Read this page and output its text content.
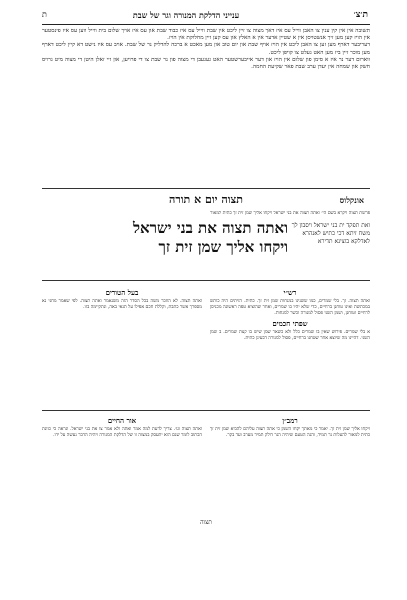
ת׳צ׳
ענייני הדלקת המנורה וגר של שבת
ת

תשובה אין אין קין ענין צו האבן ווייל עס איז דאך מצוה צו זיין ליכט אין שבת ווייל עס איז כבוד שבת און עס איז אויך שלום בית ווייל ווען עס איז פינסטער אין הויז קען מען זיך אנשטויסן אין א שטיין אדער אין א האלץ און עס קען זיין מחלוקת אין הויז.

דעריבער דארף מען זען צו האבן ליכט אין הויז אויף שבת און יום טוב און מען מאכט א ברכה להדליק נר של שבת. אויב עס איז נישט דא קיין ליכט דארף מען מוכר זיין ביז מען האט געלט צו קויפן ליכט.

ווארום דער נר איז א סימן פון שלום אין הויז און דער אייבערשטער האט געגעבן די מצוה פון נר שבת צו די פרויען, און זיי זאלן היטן די מצוה מיט גרויס חשק און שמחה אין יעדן ערב שבת פאר שקיעת החמה.

אונקלוס
תצוה יום א תורה
פרשת תצוה ויקרא בשם הי׳ ואתה תצוה את בני ישראל ויקחו אליך שמן זית זך כתית למאור
ואת תפקד ית בני ישראל ויסבון לך משח זיתא דכי כתיש לאנהרא לאדלקא בוצינא תדירא
ואתה תצוה את בני ישראל
ויקחו אליך שמן זית זך
רש״י
ואתה תצוה. זך. בלי שמרים, כמו ששנינו במנחות שמן זית זך. כתית. הזיתים היה כותש במכתשת ואינו טוחנן ברחיים, כדי שלא יהיו בו שמרים, ואחר שהוציא טפה ראשונה מכניסן לרחיים וטוחנן, ושמן השני פסול למנורה וכשר למנחות.
שפתי חכמים
א בלי שמרים. פירוש שאין בו שמרים כלל ולא כשאר שמן שיש בו קצת שמרים. ב שמן השני. דהיינו מה שיוצא אחר שטחנו ברחיים, פסול למנורה דבעינן כתית.
בעל הטורים
ואתה תצוה. לא הוזכר משה בכל הסדר הזה משנאמר ואתה תצוה. לפי שאמר מחני נא מספרך אשר כתבת, וקללת חכם אפילו על תנאי באה, ונתקיימה בזו.
רמב״ן
ויקחו אליך שמן זית זך. יאמר כי מאתך יקחו השמן כי אתה תצוה עליהם להביא שמן זית זך כתית למאור להעלות נר תמיד, והנה הטעם שיהיה הנר דולק תמיד מערב ועד בקר.
אור החיים
ואתה תצוה וגו׳. צריך לדעת למה אמר ואתה ולא אמר צו את בני ישראל. ונראה כי כוונת הכתוב לומר שגם הוא יתעסק במצוה זו של הדלקת המנורה ויהיה הדבר נעשה על ידו.
תצוה
